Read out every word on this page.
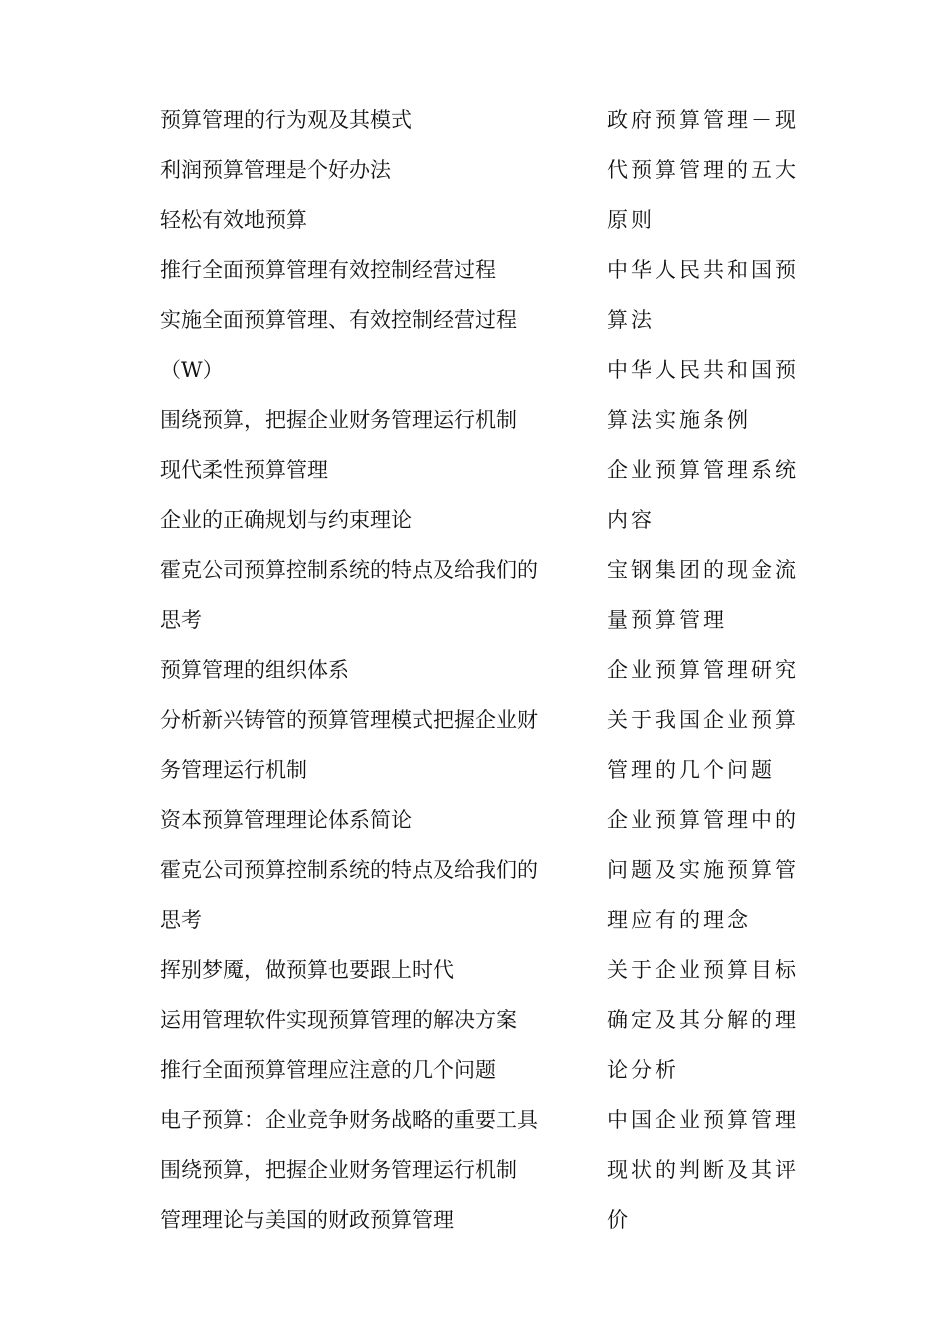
预算管理的行为观及其模式
利润预算管理是个好办法
轻松有效地预算
推行全面预算管理有效控制经营过程
实施全面预算管理、有效控制经营过程
（W）
围绕预算，把握企业财务管理运行机制
现代柔性预算管理
企业的正确规划与约束理论
霍克公司预算控制系统的特点及给我们的
思考
预算管理的组织体系
分析新兴铸管的预算管理模式把握企业财
务管理运行机制
资本预算管理理论体系简论
霍克公司预算控制系统的特点及给我们的
思考
挥别梦魇，做预算也要跟上时代
运用管理软件实现预算管理的解决方案
推行全面预算管理应注意的几个问题
电子预算：企业竞争财务战略的重要工具
围绕预算，把握企业财务管理运行机制
管理理论与美国的财政预算管理
政府预算管理－现
代预算管理的五大
原则
中华人民共和国预
算法
中华人民共和国预
算法实施条例
企业预算管理系统
内容
宝钢集团的现金流
量预算管理
企业预算管理研究
关于我国企业预算
管理的几个问题
企业预算管理中的
问题及实施预算管
理应有的理念
关于企业预算目标
确定及其分解的理
论分析
中国企业预算管理
现状的判断及其评
价
